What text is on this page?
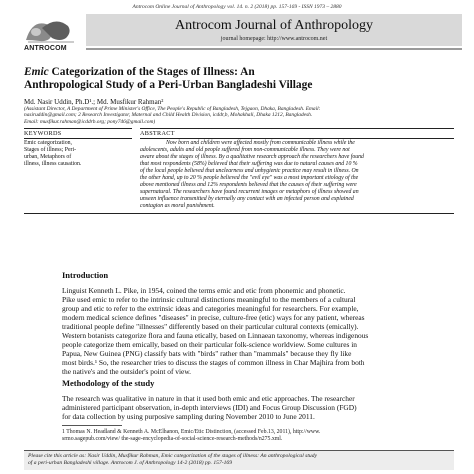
Antrocom Online Journal of Anthropology vol. 14. n. 2 (2018) pp. 157-169 - ISSN 1973 – 2880
ANTROCOM
Antrocom Journal of Anthropology
journal homepage: http://www.antrocom.net
Emic Categorization of the Stages of Illness: An
Anthropological Study of a Peri-Urban Bangladeshi Village
Md. Nasir Uddin, Ph.D¹.; Md. Musfikur Rahman²
(Assistant Director, A Department of Prime Minister's Office, The People's Republic of Bangladesh, Tejgaon, Dhaka, Bangladesh. Email:
nasiruddin@gmail.com; 2 Research Investigator, Maternal and Child Health Division, icddr,b, Mohakhali, Dhaka 1212, Bangladesh.
Email: musfikur.rahman@icddrb.org; pony746@gmail.com)
KEYWORDS	ABSTRACT
Emic categorization,
Stages of illness; Peri-
urban, Metaphors of
illness, illness causation.
Now born and children were affected mostly from communicable illness while the
adolescents, adults and old people suffered from non-communicable illness. They were not
aware about the stages of illness. By a qualitative research approach the researchers have found
that most respondents (58%) believed that their suffering was due to natural causes and 10 %
of the local people believed that unclearness and unhygienic practice may result in illness. On
the other hand, up to 20 % people believed the "evil eye" was a most important etiology of the
above mentioned illness and 12% respondents believed that the causes of their suffering were
supernatural. The researchers have found recurrent images or metaphors of illness showed an
unseen influence transmitted by eternally any contact with an infected person and explained
contagion as moral punishment.
Introduction
Linguist Kenneth L. Pike, in 1954, coined the terms emic and etic from phonemic and phonetic.
Pike used emic to refer to the intrinsic cultural distinctions meaningful to the members of a cultural
group and etic to refer to the extrinsic ideas and categories meaningful for researchers. For example,
modern medical science defines "diseases" in precise, culture-free (etic) ways for any patient, whereas
traditional people define "illnesses" differently based on their particular cultural contexts (emically).
Western botanists categorize flora and fauna etically, based on Linnaean taxonomy, whereas indigenous
people categorize them emically, based on their particular folk-science worldview. Some cultures in
Papua, New Guinea (PNG) classify bats with "birds" rather than "mammals" because they fly like
most birds.¹ So, the researcher tries to discuss the stages of common illness in Char Majhira from both
the native's and the outsider's point of view.
Methodology of the study
The research was qualitative in nature in that it used both emic and etic approaches. The researcher
administered participant observation, in-depth interviews (IDI) and Focus Group Discussion (FGD)
for data collection by using purposive sampling during November 2010 to June 2011.
1 Thomas N. Headland & Kenneth A. McElhanon, Emic/Etic Distinction, (accessed Feb.13, 2011), http://www.
srmo.sagepub.com/view/ the-sage-encyclopedia-of-social-science-research-methods/n275.xml.
Please cite this article as: Nasir Uddin, Musfikur Rahman, Emic categorization of the stages of illness: An anthropological study
of a peri-urban Bangladeshi village. Antrocom J. of Anthropology 14-2 (2018) pp. 157-169
